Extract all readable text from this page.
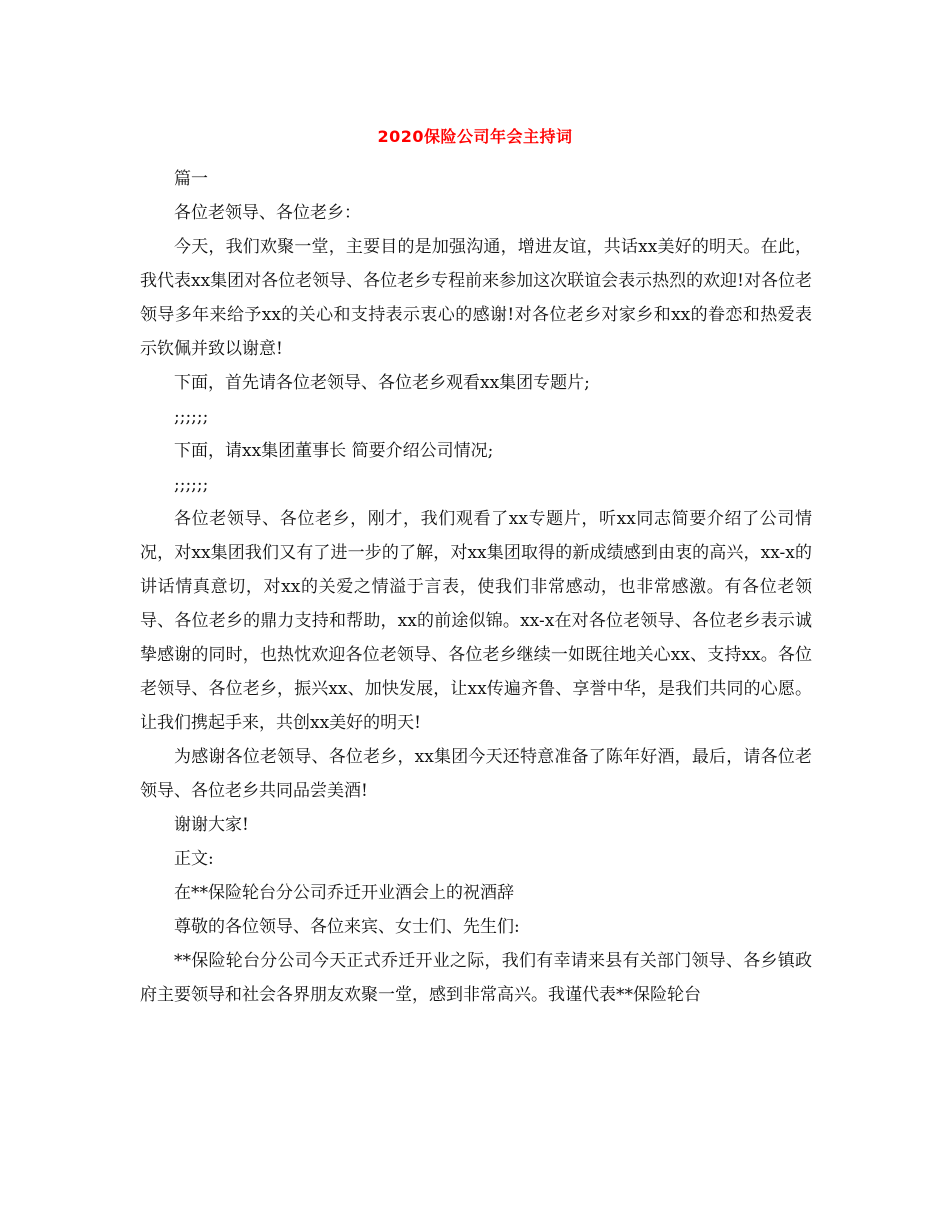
2020保险公司年会主持词

篇一

各位老领导、各位老乡：

今天，我们欢聚一堂，主要目的是加强沟通，增进友谊，共话xx美好的明天。在此，我代表xx集团对各位老领导、各位老乡专程前来参加这次联谊会表示热烈的欢迎!对各位老领导多年来给予xx的关心和支持表示衷心的感谢!对各位老乡对家乡和xx的眷恋和热爱表示钦佩并致以谢意!

下面，首先请各位老领导、各位老乡观看xx集团专题片;

;;;;;;

下面，请xx集团董事长 简要介绍公司情况;

;;;;;;

各位老领导、各位老乡，刚才，我们观看了xx专题片，听xx同志简要介绍了公司情况，对xx集团我们又有了进一步的了解，对xx集团取得的新成绩感到由衷的高兴，xx-x的讲话情真意切，对xx的关爱之情溢于言表，使我们非常感动，也非常感激。有各位老领导、各位老乡的鼎力支持和帮助，xx的前途似锦。xx-x在对各位老领导、各位老乡表示诚挚感谢的同时，也热忱欢迎各位老领导、各位老乡继续一如既往地关心xx、支持xx。各位老领导、各位老乡，振兴xx、加快发展，让xx传遍齐鲁、享誉中华，是我们共同的心愿。让我们携起手来，共创xx美好的明天!

为感谢各位老领导、各位老乡，xx集团今天还特意准备了陈年好酒，最后，请各位老领导、各位老乡共同品尝美酒!

谢谢大家!

正文:

在**保险轮台分公司乔迁开业酒会上的祝酒辞

尊敬的各位领导、各位来宾、女士们、先生们:

**保险轮台分公司今天正式乔迁开业之际，我们有幸请来县有关部门领导、各乡镇政府主要领导和社会各界朋友欢聚一堂，感到非常高兴。我谨代表**保险轮台
